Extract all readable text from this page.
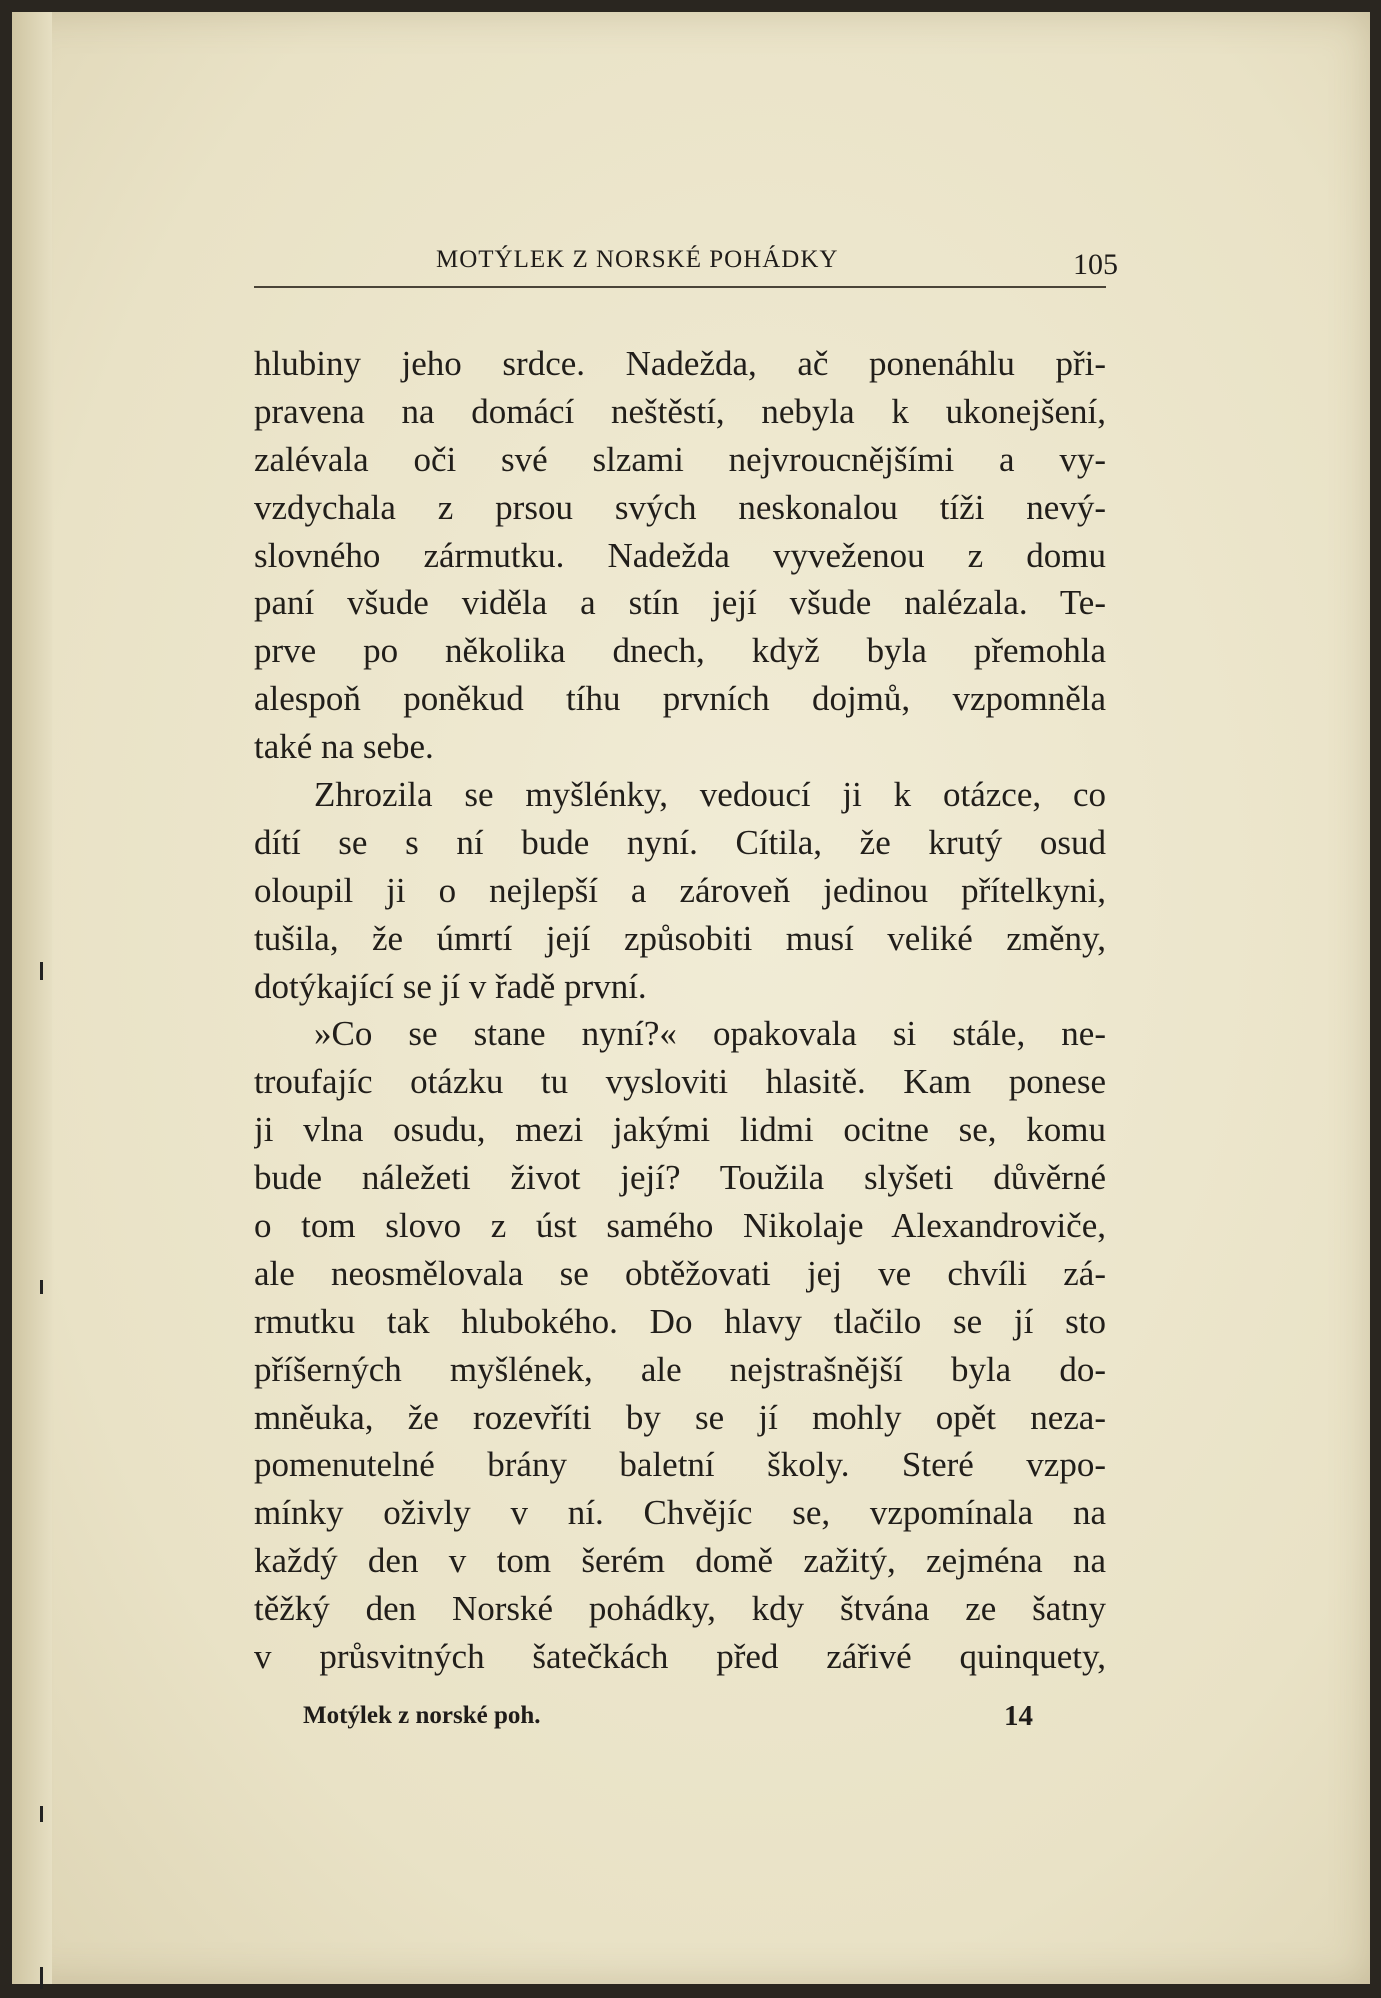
MOTÝLEK Z NORSKÉ POHÁDKY	105
hlubiny jeho srdce. Nadežda, ač ponenáhlu při-
pravena na domácí neštěstí, nebyla k ukonejšení,
zalévala oči své slzami nejvroucnějšími a vy-
vzdychala z prsou svých neskonalou tíži nevý-
slovného zármutku. Nadežda vyveženou z domu
paní všude viděla a stín její všude nalézala. Te-
prve po několika dnech, když byla přemohla
alespoň poněkud tíhu prvních dojmů, vzpomněla
také na sebe.
Zhrozila se myšlénky, vedoucí ji k otázce, co
dítí se s ní bude nyní. Cítila, že krutý osud
oloupil ji o nejlepší a zároveň jedinou přítelkyni,
tušila, že úmrtí její způsobiti musí veliké změny,
dotýkající se jí v řadě první.
»Co se stane nyní?« opakovala si stále, ne-
troufajíc otázku tu vysloviti hlasitě. Kam ponese
ji vlna osudu, mezi jakými lidmi ocitne se, komu
bude náležeti život její? Toužila slyšeti důvěrné
o tom slovo z úst samého Nikolaje Alexandroviče,
ale neosmělovala se obtěžovati jej ve chvíli zá-
rmutku tak hlubokého. Do hlavy tlačilo se jí sto
příšerných myšlének, ale nejstrašnější byla do-
mněuka, že rozevříti by se jí mohly opět neza-
pomenutelné brány baletní školy. Steré vzpo-
mínky oživly v ní. Chvějíc se, vzpomínala na
každý den v tom šerém domě zažitý, zejména na
těžký den Norské pohádky, kdy štvána ze šatny
v průsvitných šatečkách před zářivé quinquety,
Motýlek z norské poh.	14
